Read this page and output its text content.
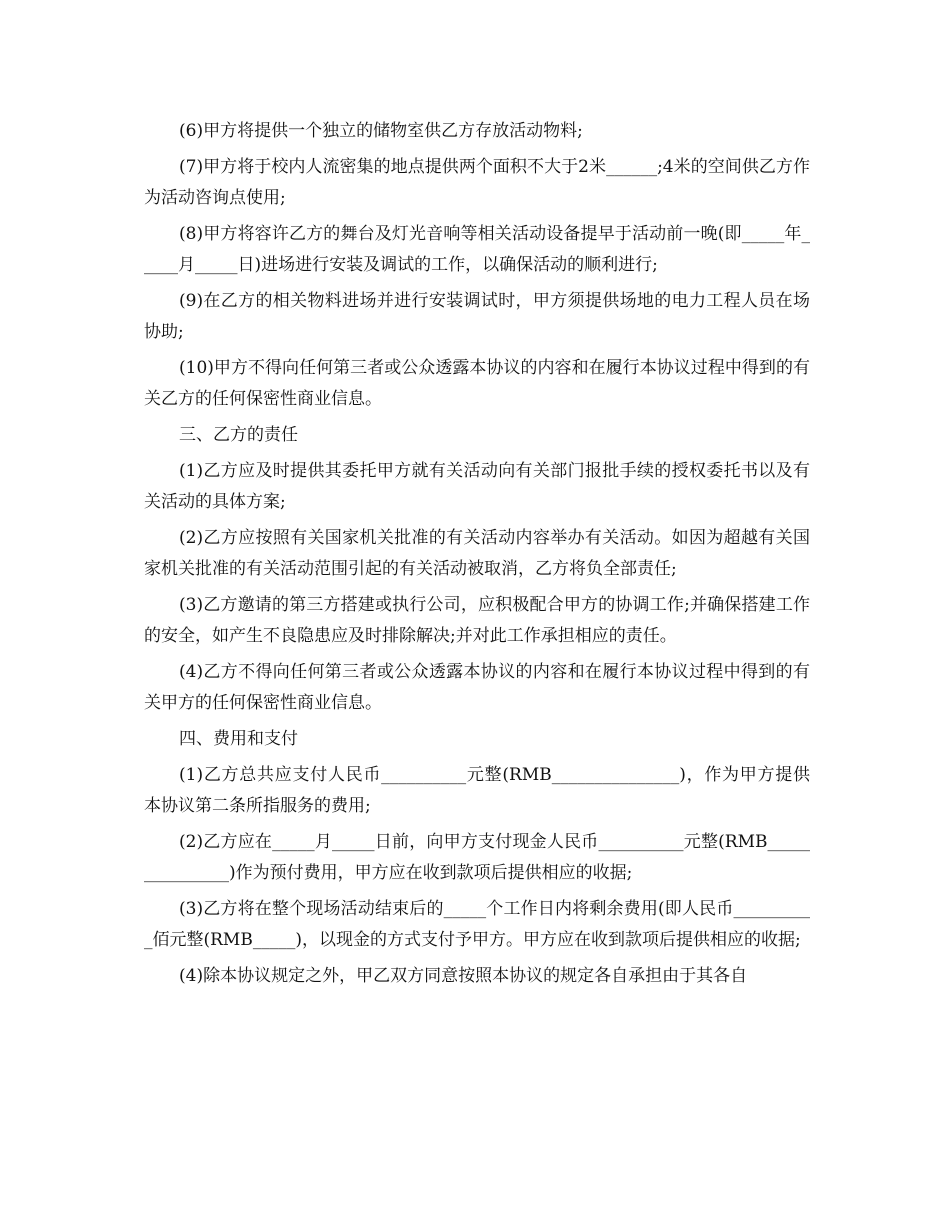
(6)甲方将提供一个独立的储物室供乙方存放活动物料;

(7)甲方将于校内人流密集的地点提供两个面积不大于2米______;4米的空间供乙方作为活动咨询点使用;

(8)甲方将容许乙方的舞台及灯光音响等相关活动设备提早于活动前一晚(即_____年_____月_____日)进场进行安装及调试的工作，以确保活动的顺利进行;

(9)在乙方的相关物料进场并进行安装调试时，甲方须提供场地的电力工程人员在场协助;

(10)甲方不得向任何第三者或公众透露本协议的内容和在履行本协议过程中得到的有关乙方的任何保密性商业信息。

三、乙方的责任

(1)乙方应及时提供其委托甲方就有关活动向有关部门报批手续的授权委托书以及有关活动的具体方案;

(2)乙方应按照有关国家机关批准的有关活动内容举办有关活动。如因为超越有关国家机关批准的有关活动范围引起的有关活动被取消，乙方将负全部责任;

(3)乙方邀请的第三方搭建或执行公司，应积极配合甲方的协调工作;并确保搭建工作的安全，如产生不良隐患应及时排除解决;并对此工作承担相应的责任。

(4)乙方不得向任何第三者或公众透露本协议的内容和在履行本协议过程中得到的有关甲方的任何保密性商业信息。

四、费用和支付

(1)乙方总共应支付人民币__________元整(RMB_______________)，作为甲方提供本协议第二条所指服务的费用;

(2)乙方应在_____月_____日前，向甲方支付现金人民币__________元整(RMB_______________)作为预付费用，甲方应在收到款项后提供相应的收据;

(3)乙方将在整个现场活动结束后的_____个工作日内将剩余费用(即人民币__________佰元整(RMB_____)，以现金的方式支付予甲方。甲方应在收到款项后提供相应的收据;

(4)除本协议规定之外，甲乙双方同意按照本协议的规定各自承担由于其各自
